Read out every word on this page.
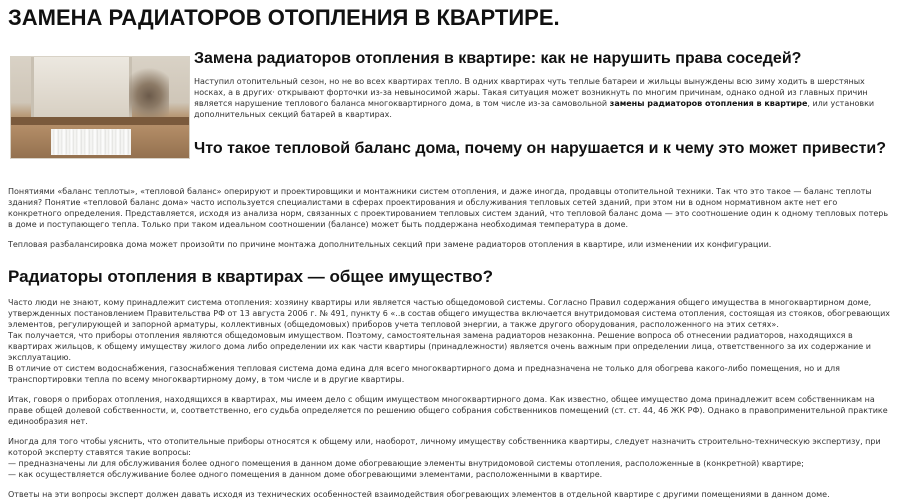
ЗАМЕНА РАДИАТОРОВ ОТОПЛЕНИЯ В КВАРТИРЕ.
Замена радиаторов отопления в квартире: как не нарушить права соседей?

Наступил отопительный сезон, но не во всех квартирах тепло. В одних квартирах чуть теплые батареи и жильцы вынуждены всю зиму ходить в шерстяных носках, а в других· открывают форточки из-за невыносимой жары. Такая ситуация может возникнуть по многим причинам, однако одной из главных причин является нарушение теплового баланса многоквартирного дома, в том числе из-за самовольной замены радиаторов отопления в квартире, или установки дополнительных секций батарей в квартирах.

Что такое тепловой баланс дома, почему он нарушается и к чему это может привести?

Понятиями «баланс теплоты», «тепловой баланс» оперируют и проектировщики и монтажники систем отопления, и даже иногда, продавцы отопительной техники. Так что это такое — баланс теплоты здания? Понятие «тепловой баланс дома» часто используется специалистами в сферах проектирования и обслуживания тепловых сетей зданий, при этом ни в одном нормативном акте нет его конкретного определения. Представляется, исходя из анализа норм, связанных с проектированием тепловых систем зданий, что тепловой баланс дома — это соотношение один к одному тепловых потерь в доме и поступающего тепла. Только при таком идеальном соотношении (балансе) может быть поддержана необходимая температура в доме.

Тепловая разбалансировка дома может произойти по причине монтажа дополнительных секций при замене радиаторов отопления в квартире, или изменении их конфигурации.

Радиаторы отопления в квартирах — общее имущество?

Часто люди не знают, кому принадлежит система отопления: хозяину квартиры или является частью общедомовой системы. Согласно Правил содержания общего имущества в многоквартирном доме, утвержденных постановлением Правительства РФ от 13 августа 2006 г. № 491, пункту 6 «..в состав общего имущества включается внутридомовая система отопления, состоящая из стояков, обогревающих элементов, регулирующей и запорной арматуры, коллективных (общедомовых) приборов учета тепловой энергии, а также другого оборудования, расположенного на этих сетях».

Так получается, что приборы отопления являются общедомовым имуществом. Поэтому, самостоятельная замена радиаторов незаконна. Решение вопроса об отнесении радиаторов, находящихся в квартирах жильцов, к общему имуществу жилого дома либо определении их как части квартиры (принадлежности) является очень важным при определении лица, ответственного за их содержание и эксплуатацию.

В отличие от систем водоснабжения, газоснабжения тепловая система дома едина для всего многоквартирного дома и предназначена не только для обогрева какого-либо помещения, но и для транспортировки тепла по всему многоквартирному дому, в том числе и в другие квартиры.

Итак, говоря о приборах отопления, находящихся в квартирах, мы имеем дело с общим имуществом многоквартирного дома. Как известно, общее имущество дома принадлежит всем собственникам на праве общей долевой собственности, и, соответственно, его судьба определяется по решению общего собрания собственников помещений (ст. ст. 44, 46 ЖК РФ). Однако в правоприменительной практике единообразия нет.

Иногда для того чтобы уяснить, что отопительные приборы относятся к общему или, наоборот, личному имуществу собственника квартиры, следует назначить строительно-техническую экспертизу, при которой эксперту ставятся такие вопросы:

— предназначены ли для обслуживания более одного помещения в данном доме обогревающие элементы внутридомовой системы отопления, расположенные в (конкретной) квартире;

— как осуществляется обслуживание более одного помещения в данном доме обогревающими элементами, расположенными в квартире.

Ответы на эти вопросы эксперт должен давать исходя из технических особенностей взаимодействия обогревающих элементов в отдельной квартире с другими помещениями в данном доме.
